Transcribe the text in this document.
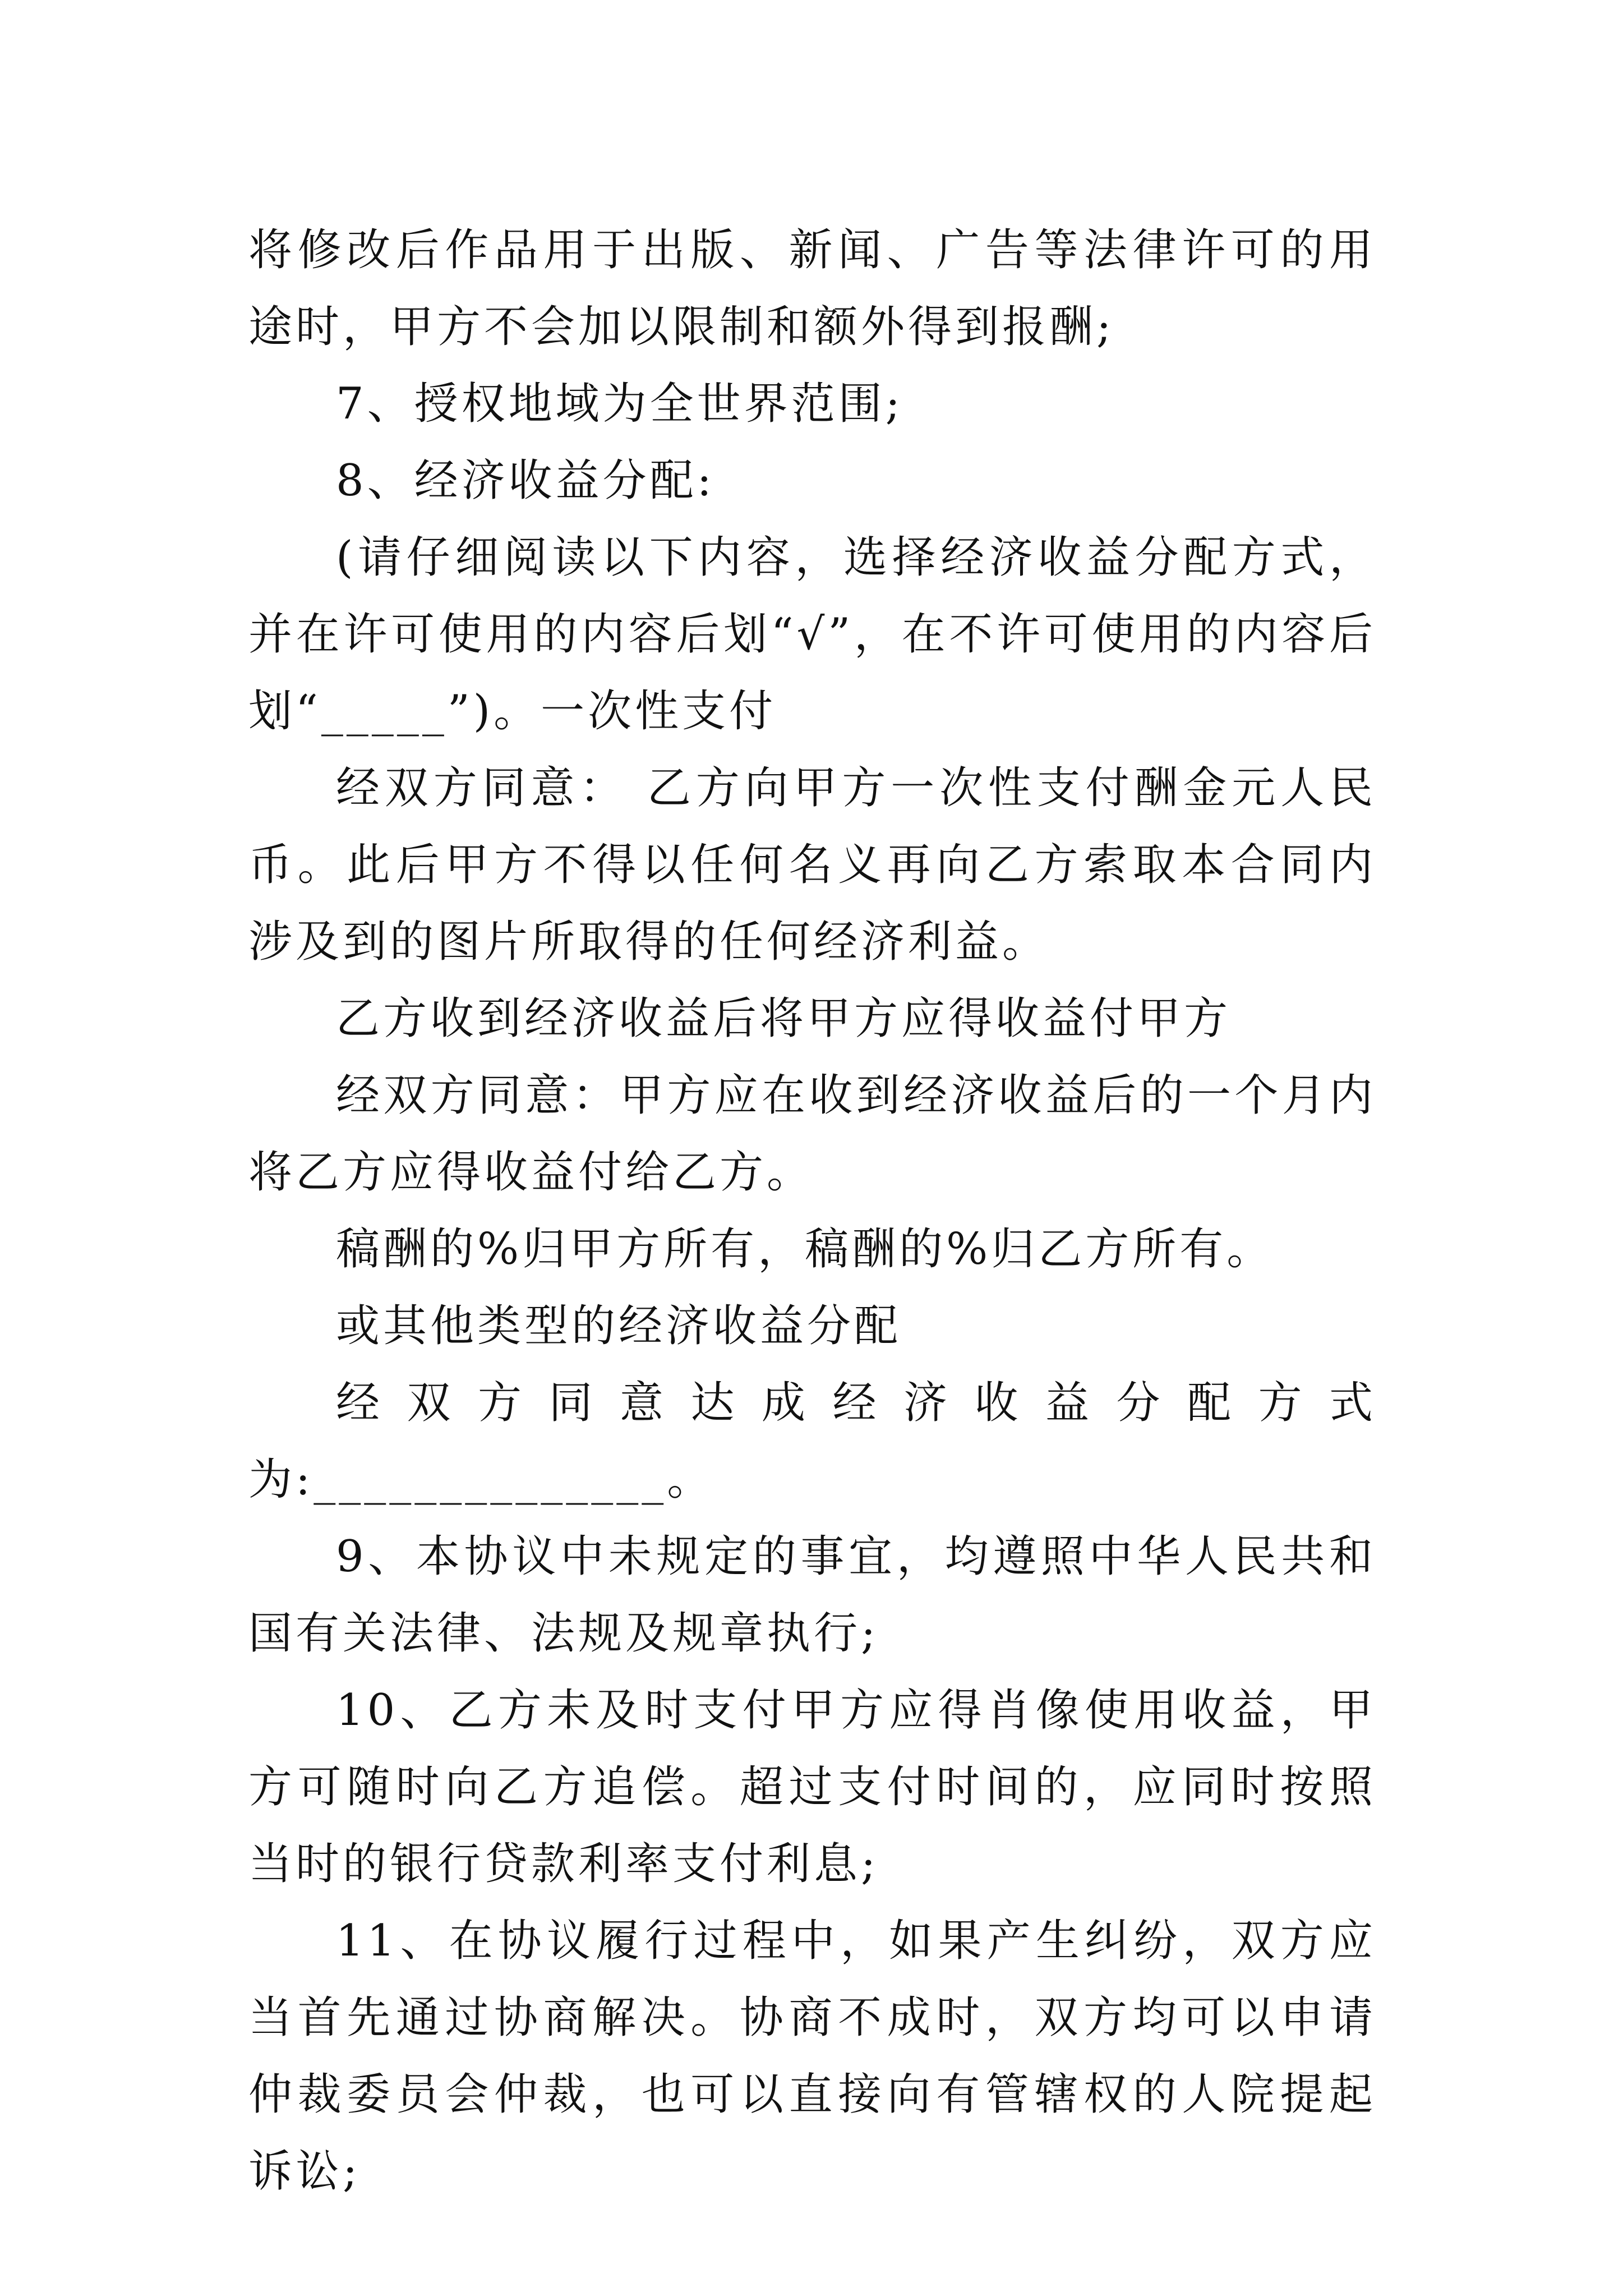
将修改后作品用于出版、新闻、广告等法律许可的用途时，甲方不会加以限制和额外得到报酬;

7、授权地域为全世界范围;

8、经济收益分配:

(请仔细阅读以下内容，选择经济收益分配方式，并在许可使用的内容后划“√”，在不许可使用的内容后划“_____”)。一次性支付

经双方同意： 乙方向甲方一次性支付酬金元人民币。此后甲方不得以任何名义再向乙方索取本合同内涉及到的图片所取得的任何经济利益。

乙方收到经济收益后将甲方应得收益付甲方

经双方同意：甲方应在收到经济收益后的一个月内将乙方应得收益付给乙方。

稿酬的%归甲方所有，稿酬的%归乙方所有。

或其他类型的经济收益分配

经双方同意达成经济收益分配方式为:______________。

9、本协议中未规定的事宜，均遵照中华人民共和国有关法律、法规及规章执行;

10、乙方未及时支付甲方应得肖像使用收益，甲方可随时向乙方追偿。超过支付时间的，应同时按照当时的银行贷款利率支付利息;

11、在协议履行过程中，如果产生纠纷，双方应当首先通过协商解决。协商不成时，双方均可以申请仲裁委员会仲裁，也可以直接向有管辖权的人院提起诉讼;
